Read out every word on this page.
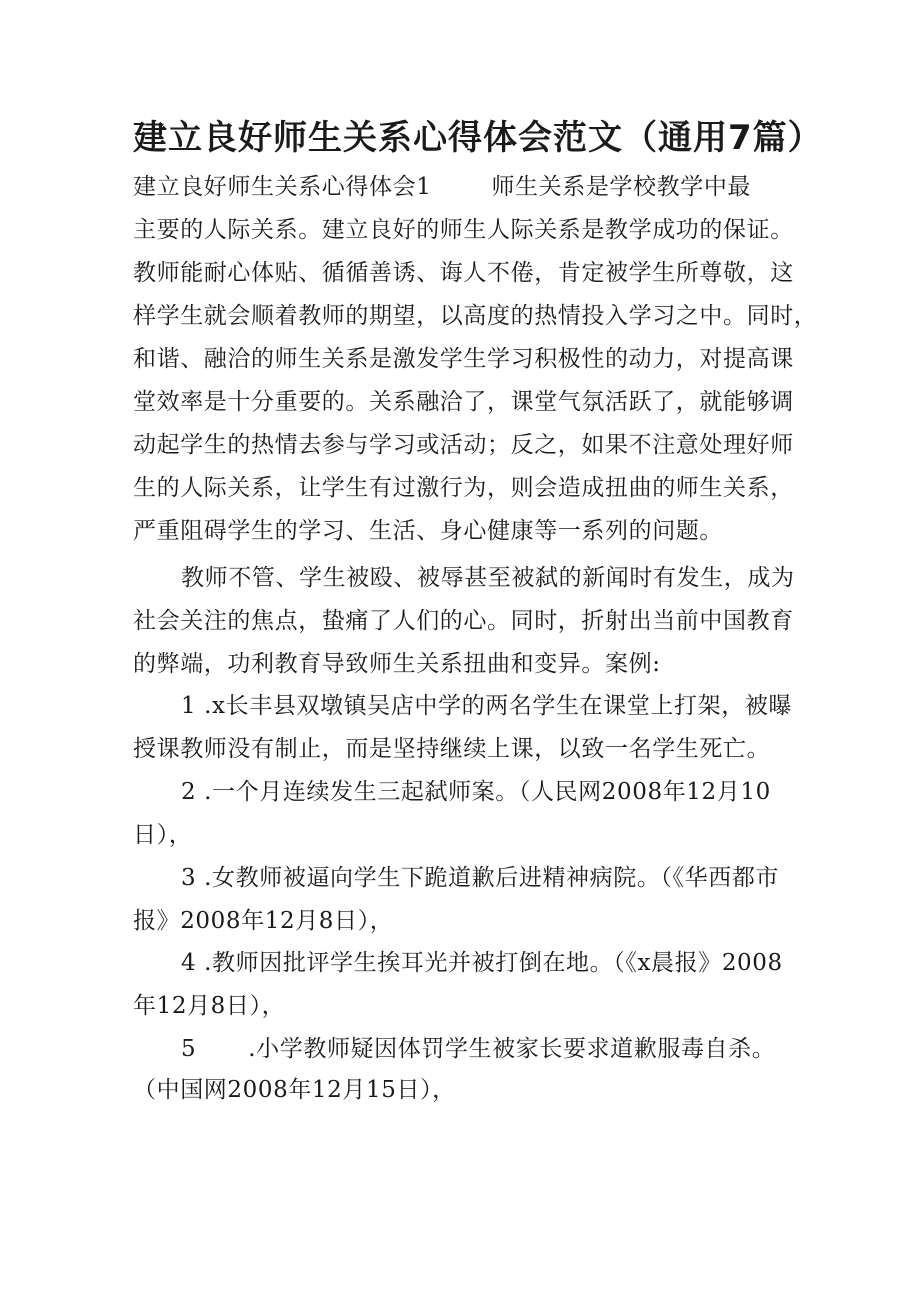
建立良好师生关系心得体会范文（通用7篇）
建立良好师生关系心得体会1	师生关系是学校教学中最
主要的人际关系。建立良好的师生人际关系是教学成功的保证。
教师能耐心体贴、循循善诱、诲人不倦，肯定被学生所尊敬，这
样学生就会顺着教师的期望，以高度的热情投入学习之中。同时，
和谐、融洽的师生关系是激发学生学习积极性的动力，对提高课
堂效率是十分重要的。关系融洽了，课堂气氛活跃了，就能够调
动起学生的热情去参与学习或活动；反之，如果不注意处理好师
生的人际关系，让学生有过激行为，则会造成扭曲的师生关系，
严重阻碍学生的学习、生活、身心健康等一系列的问题。
教师不管、学生被殴、被辱甚至被弑的新闻时有发生，成为
社会关注的焦点，蛰痛了人们的心。同时，折射出当前中国教育
的弊端，功利教育导致师生关系扭曲和变异。案例:
1 .x长丰县双墩镇吴店中学的两名学生在课堂上打架，被曝
授课教师没有制止，而是坚持继续上课，以致一名学生死亡。
2 .一个月连续发生三起弑师案。（人民网2008年12月10
日），
3 .女教师被逼向学生下跪道歉后进精神病院。（《华西都市
报》2008年12月8日），
4 .教师因批评学生挨耳光并被打倒在地。（《x晨报》2008
年12月8日），
5 .小学教师疑因体罚学生被家长要求道歉服毒自杀。
（中国网2008年12月15日），
